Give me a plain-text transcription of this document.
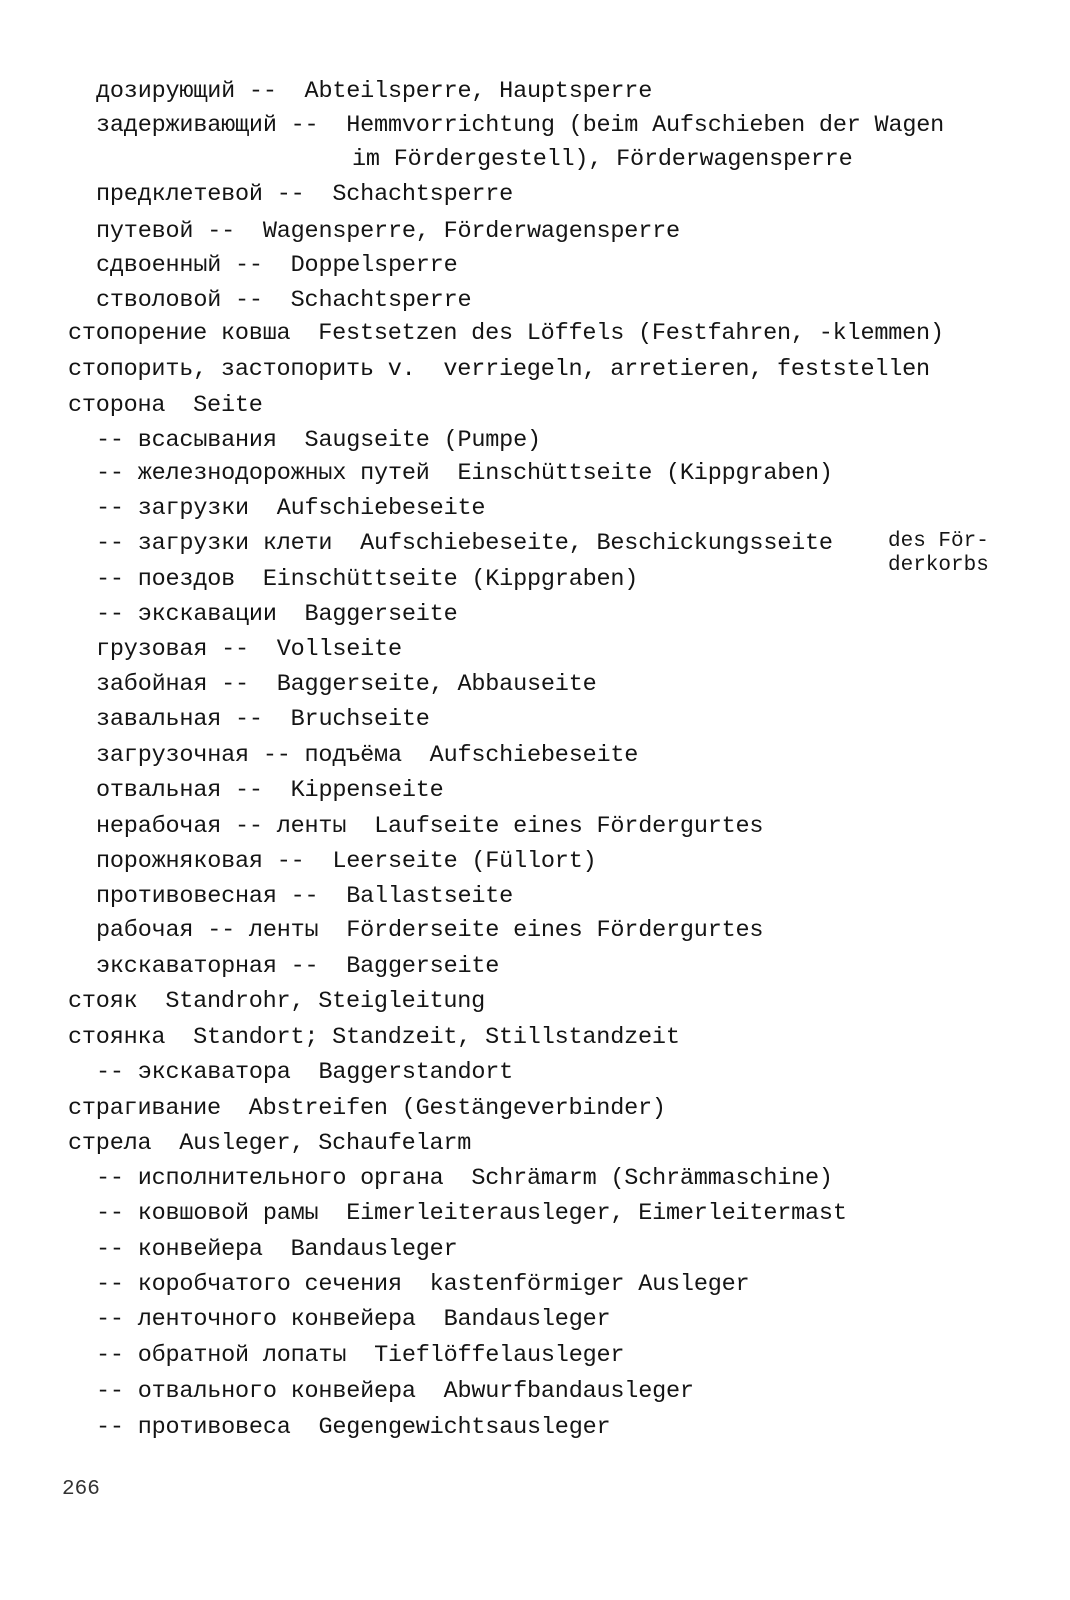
дозирующий -- Abteilsperre, Hauptsperre
задерживающий -- Hemmvorrichtung (beim Aufschieben der Wagen
im Fördergestell), Förderwagensperre
предклетевой -- Schachtsperre
путевой -- Wagensperre, Förderwagensperre
сдвоенный -- Doppelsperre
стволовой -- Schachtsperre
стопорение ковша Festsetzen des Löffels (Festfahren, -klemmen)
стопорить, застопорить v. verriegeln, arretieren, feststellen
сторона Seite
-- всасывания Saugseite (Pumpe)
-- железнодорожных путей Einschüttseite (Kippgraben)
-- загрузки Aufschiebeseite
-- загрузки клети Aufschiebeseite, Beschickungsseite
-- поездов Einschüttseite (Kippgraben)
-- экскавации Baggerseite
грузовая -- Vollseite
забойная -- Baggerseite, Abbauseite
завальная -- Bruchseite
загрузочная -- подъёма Aufschiebeseite
отвальная -- Kippenseite
нерабочая -- ленты Laufseite eines Fördergurtes
порожняковая -- Leerseite (Füllort)
противовесная -- Ballastseite
рабочая -- ленты Förderseite eines Fördergurtes
экскаваторная -- Baggerseite
стояк Standrohr, Steigleitung
стоянка Standort; Standzeit, Stillstandzeit
-- экскаватора Baggerstandort
страгивание Abstreifen (Gestängeverbinder)
стрела Ausleger, Schaufelarm
-- исполнительного органа Schrämarm (Schrämmaschine)
-- ковшовой рамы Eimerleiterausleger, Eimerleitermast
-- конвейера Bandausleger
-- коробчатого сечения kastenförmiger Ausleger
-- ленточного конвейера Bandausleger
-- обратной лопаты Tieflöffelausleger
-- отвального конвейера Abwurfbandausleger
-- противовеса Gegengewichtsausleger
des För-
derkorbs
266
